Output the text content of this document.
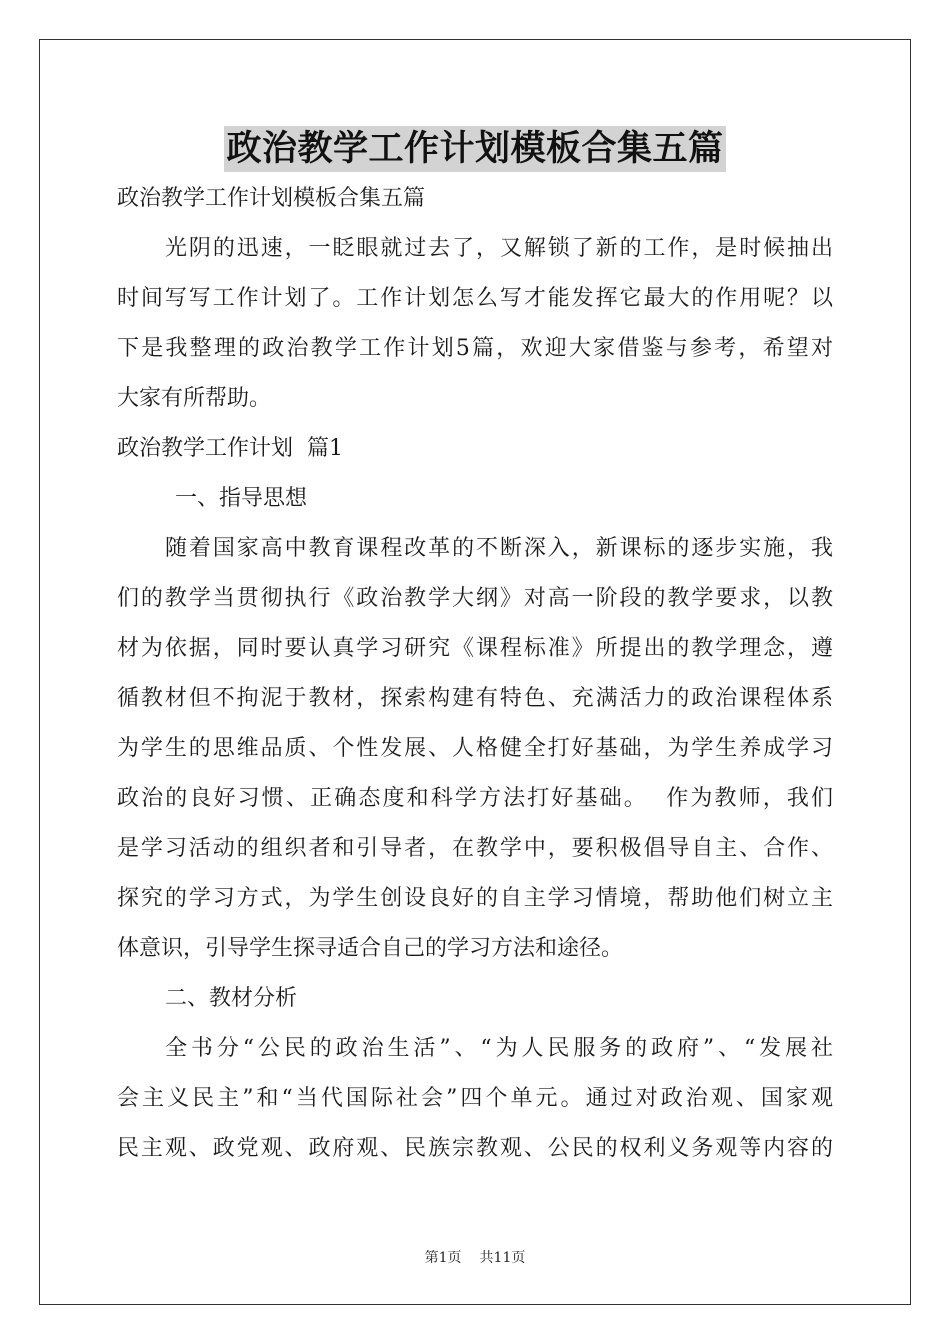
政治教学工作计划模板合集五篇
政治教学工作计划模板合集五篇
光阴的迅速，一眨眼就过去了，又解锁了新的工作，是时候抽出
时间写写工作计划了。工作计划怎么写才能发挥它最大的作用呢？以
下是我整理的政治教学工作计划5篇，欢迎大家借鉴与参考，希望对
大家有所帮助。
政治教学工作计划  篇1
一、指导思想
随着国家高中教育课程改革的不断深入，新课标的逐步实施，我
们的教学当贯彻执行《政治教学大纲》对高一阶段的教学要求，以教
材为依据，同时要认真学习研究《课程标准》所提出的教学理念，遵
循教材但不拘泥于教材，探索构建有特色、充满活力的政治课程体系
为学生的思维品质、个性发展、人格健全打好基础，为学生养成学习
政治的良好习惯、正确态度和科学方法打好基础。  作为教师，我们
是学习活动的组织者和引导者，在教学中，要积极倡导自主、合作、
探究的学习方式，为学生创设良好的自主学习情境，帮助他们树立主
体意识，引导学生探寻适合自己的学习方法和途径。
二、教材分析
全书分“公民的政治生活”、“为人民服务的政府”、“发展社
会主义民主”和“当代国际社会”四个单元。通过对政治观、国家观
民主观、政党观、政府观、民族宗教观、公民的权利义务观等内容的
第1页 共11页
